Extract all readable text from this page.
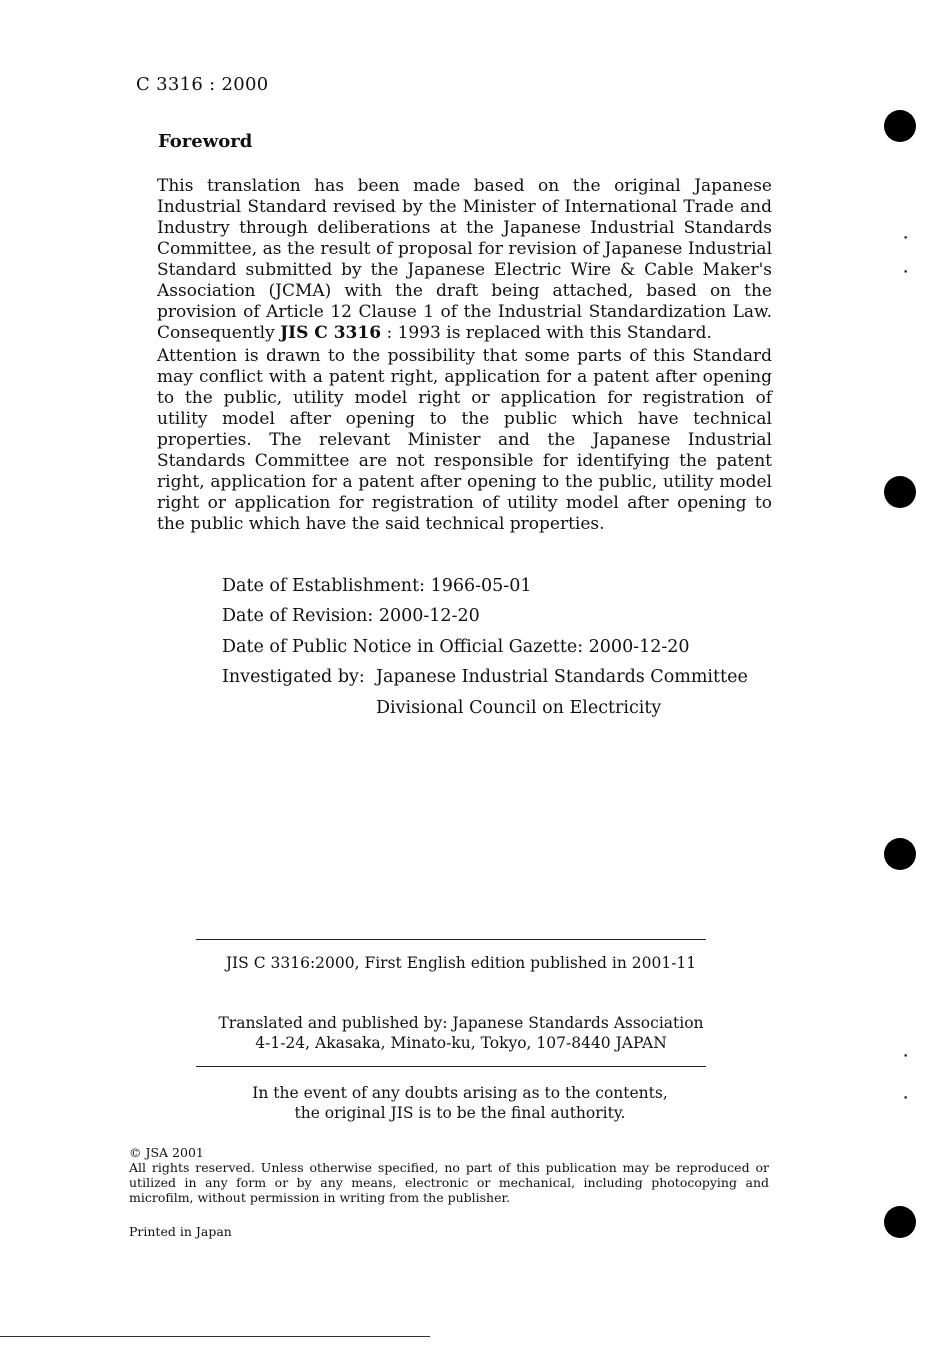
C 3316 : 2000
Foreword
This translation has been made based on the original Japanese Industrial Standard revised by the Minister of International Trade and Industry through deliberations at the Japanese Industrial Standards Committee, as the result of proposal for revision of Japanese Industrial Standard submitted by the Japanese Electric Wire & Cable Maker's Association (JCMA) with the draft being attached, based on the provision of Article 12 Clause 1 of the Industrial Standardization Law. Consequently JIS C 3316 : 1993 is replaced with this Standard.
Attention is drawn to the possibility that some parts of this Standard may conflict with a patent right, application for a patent after opening to the public, utility model right or application for registration of utility model after opening to the public which have technical properties. The relevant Minister and the Japanese Industrial Standards Committee are not responsible for identifying the patent right, application for a patent after opening to the public, utility model right or application for registration of utility model after opening to the public which have the said technical properties.
Date of Establishment: 1966-05-01
Date of Revision: 2000-12-20
Date of Public Notice in Official Gazette: 2000-12-20
Investigated by: Japanese Industrial Standards Committee
Divisional Council on Electricity
JIS C 3316:2000, First English edition published in 2001-11
Translated and published by: Japanese Standards Association
4-1-24, Akasaka, Minato-ku, Tokyo, 107-8440 JAPAN
In the event of any doubts arising as to the contents,
the original JIS is to be the final authority.
© JSA 2001
All rights reserved. Unless otherwise specified, no part of this publication may be reproduced or utilized in any form or by any means, electronic or mechanical, including photocopying and microfilm, without permission in writing from the publisher.
Printed in Japan
•
•
•
•
